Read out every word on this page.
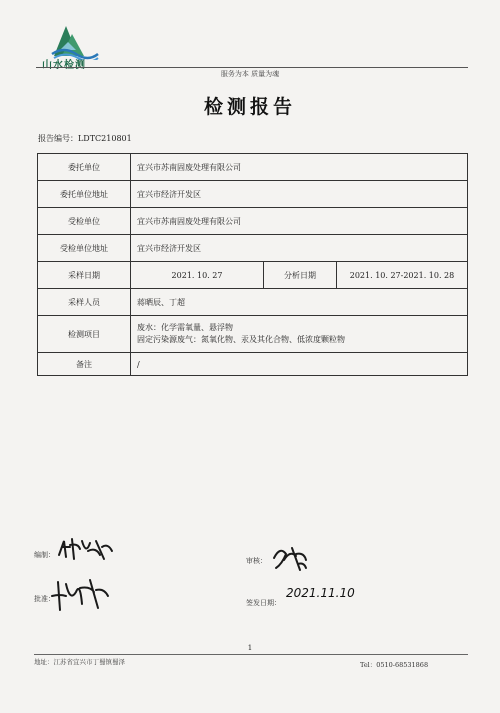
山水检测
服务为本 质量为魂
检测报告
报告编号：LDTC210801
委托单位	宜兴市苏南固废处理有限公司		
委托单位地址	宜兴市经济开发区		
受检单位	宜兴市苏南固废处理有限公司		
受检单位地址	宜兴市经济开发区		
采样日期	2021. 10. 27	分析日期	2021. 10. 27-2021. 10. 28
采样人员	蒋晒辰、丁超		
检测项目	废水：化学需氧量、悬浮物
固定污染源废气：氮氧化物、汞及其化合物、低浓度颗粒物		

备注	/		
编制：
审核：
批准：	签发日期：
2021.11.10
1
地址：江苏省宜兴市丁蜀镇蜀泽	Tel：0510-68531868
